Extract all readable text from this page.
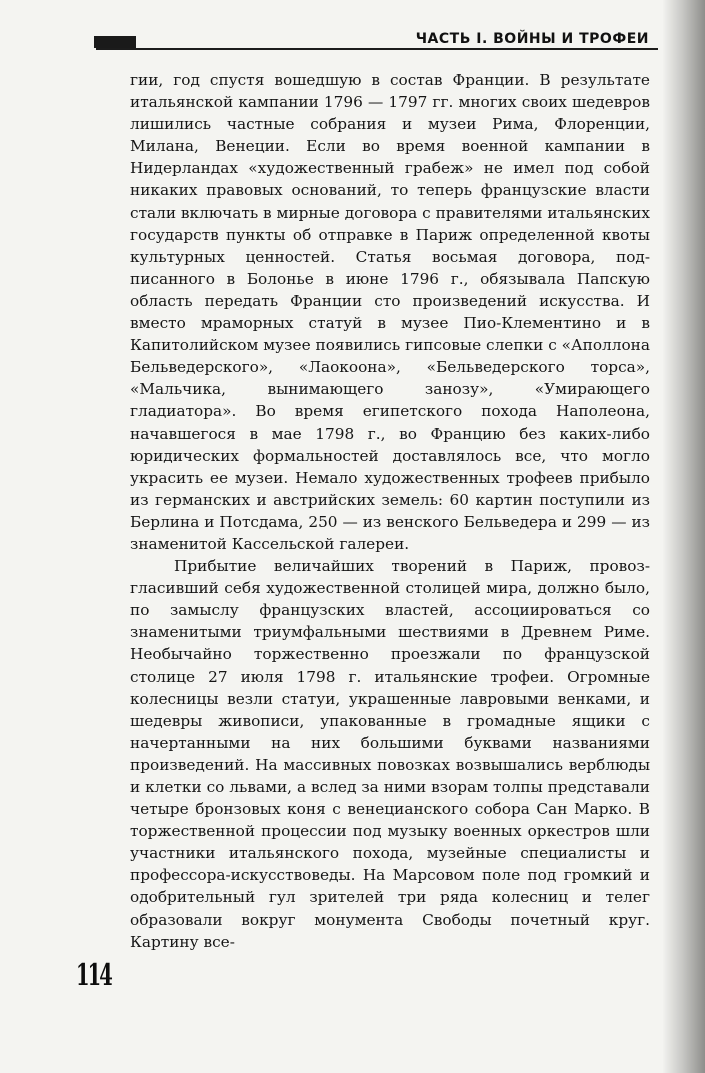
ЧАСТЬ I. ВОЙНЫ И ТРОФЕИ

гии, год спустя вошедшую в состав Франции. В результате итальянской кампании 1796 — 1797 гг. многих своих шедевров лишились частные собрания и музеи Рима, Флоренции, Милана, Венеции. Если во время военной кампании в Нидерландах «художественный грабеж» не имел под собой никаких правовых оснований, то теперь французские власти стали включать в мирные договора с правителями итальянских государств пункты об отправке в Париж определенной квоты культурных ценностей. Статья восьмая договора, подписанного в Болонье в июне 1796 г., обязывала Папскую область передать Франции сто произведений искусства. И вместо мраморных статуй в музее Пио-Клементино и в Капитолийском музее появились гипсовые слепки с «Аполлона Бельведерского», «Лаокоона», «Бельведерского торса», «Мальчика, вынимающего занозу», «Умирающего гладиатора». Во время египетского похода Наполеона, начавшегося в мае 1798 г., во Францию без каких-либо юридических формальностей доставлялось все, что могло украсить ее музеи. Немало художественных трофеев прибыло из германских и австрийских земель: 60 картин поступили из Берлина и Потсдама, 250 — из венского Бельведера и 299 — из знаменитой Кассельской галереи.

Прибытие величайших творений в Париж, провозгласивший себя художественной столицей мира, должно было, по замыслу французских властей, ассоциироваться со знаменитыми триумфальными шествиями в Древнем Риме. Необычайно торжественно проезжали по французской столице 27 июля 1798 г. итальянские трофеи. Огромные колесницы везли статуи, украшенные лавровыми венками, и шедевры живописи, упакованные в громадные ящики с начертанными на них большими буквами названиями произведений. На массивных повозках возвышались верблюды и клетки со львами, а вслед за ними взорам толпы представали четыре бронзовых коня с венецианского собора Сан Марко. В торжественной процессии под музыку военных оркестров шли участники итальянского похода, музейные специалисты и профессора-искусствоведы. На Марсовом поле под громкий и одобрительный гул зрителей три ряда колесниц и телег образовали вокруг монумента Свободы почетный круг. Картину все-

114
